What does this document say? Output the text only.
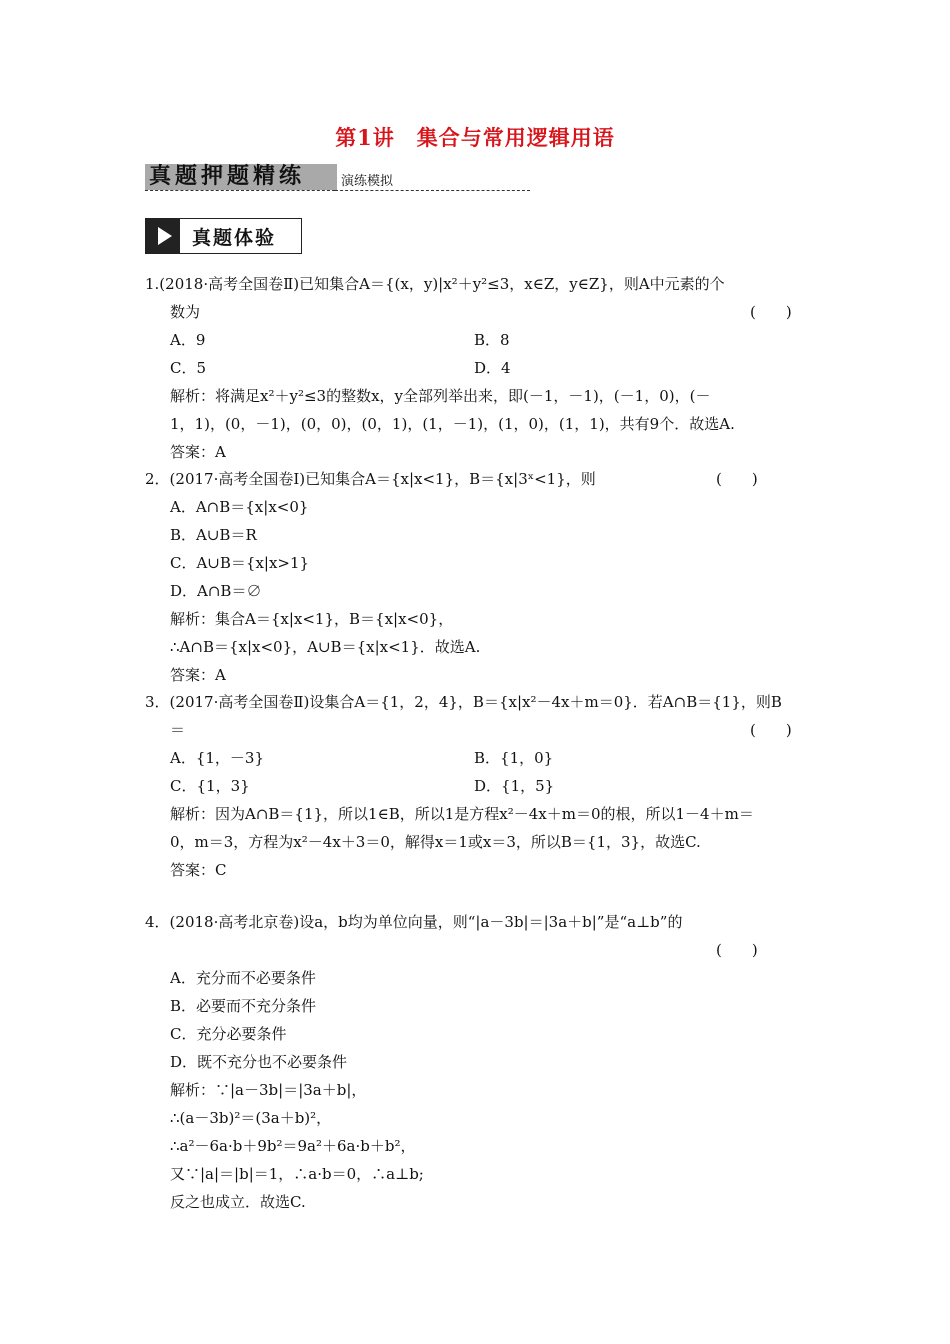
第1讲　集合与常用逻辑用语
真题押题精练	演练模拟
真题体验
1.(2018·高考全国卷Ⅱ)已知集合A＝{(x，y)|x²＋y²≤3，x∈Z，y∈Z}，则A中元素的个
数为	(　　)
A．9	B．8
C．5	D．4
解析：将满足x²＋y²≤3的整数x，y全部列举出来，即(－1，－1)，(－1，0)，(－
1，1)，(0，－1)，(0，0)，(0，1)，(1，－1)，(1，0)，(1，1)，共有9个．故选A.
答案：A
2．(2017·高考全国卷Ⅰ)已知集合A＝{x|x<1}，B＝{x|3ˣ<1}，则	(　　)
A．A∩B＝{x|x<0}
B．A∪B＝R
C．A∪B＝{x|x>1}
D．A∩B＝∅
解析：集合A＝{x|x<1}，B＝{x|x<0}，
∴A∩B＝{x|x<0}，A∪B＝{x|x<1}．故选A.
答案：A
3．(2017·高考全国卷Ⅱ)设集合A＝{1，2，4}，B＝{x|x²－4x＋m＝0}．若A∩B＝{1}，则B
＝	(　　)
A．{1，－3}	B．{1，0}
C．{1，3}	D．{1，5}
解析：因为A∩B＝{1}，所以1∈B，所以1是方程x²－4x＋m＝0的根，所以1－4＋m＝
0，m＝3，方程为x²－4x＋3＝0，解得x＝1或x＝3，所以B＝{1，3}，故选C.
答案：C
4．(2018·高考北京卷)设a，b均为单位向量，则“|a－3b|＝|3a＋b|”是“a⊥b”的
(　　)
A．充分而不必要条件
B．必要而不充分条件
C．充分必要条件
D．既不充分也不必要条件
解析：∵|a－3b|＝|3a＋b|，
∴(a－3b)²＝(3a＋b)²，
∴a²－6a·b＋9b²＝9a²＋6a·b＋b²，
又∵|a|＝|b|＝1，∴a·b＝0，∴a⊥b;
反之也成立．故选C.
